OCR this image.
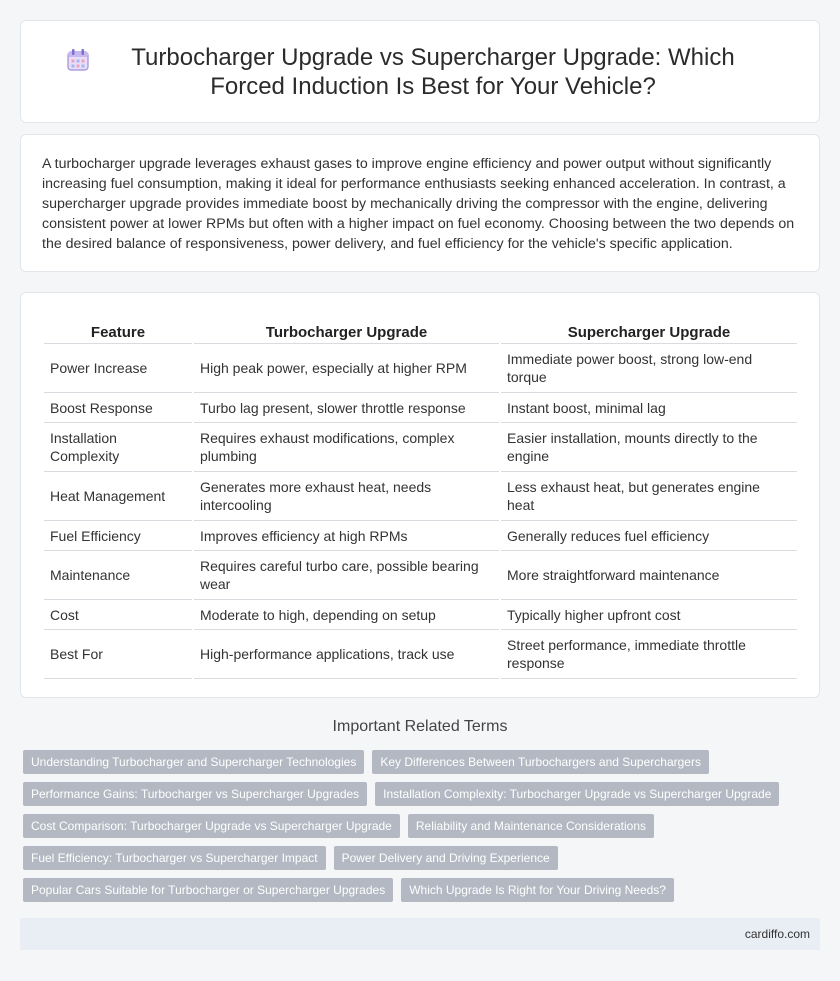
Turbocharger Upgrade vs Supercharger Upgrade: Which Forced Induction Is Best for Your Vehicle?

A turbocharger upgrade leverages exhaust gases to improve engine efficiency and power output without significantly increasing fuel consumption, making it ideal for performance enthusiasts seeking enhanced acceleration. In contrast, a supercharger upgrade provides immediate boost by mechanically driving the compressor with the engine, delivering consistent power at lower RPMs but often with a higher impact on fuel economy. Choosing between the two depends on the desired balance of responsiveness, power delivery, and fuel efficiency for the vehicle's specific application.

Feature	Turbocharger Upgrade	Supercharger Upgrade
Power Increase	High peak power, especially at higher RPM	Immediate power boost, strong low-end torque
Boost Response	Turbo lag present, slower throttle response	Instant boost, minimal lag
Installation Complexity	Requires exhaust modifications, complex plumbing	Easier installation, mounts directly to the engine
Heat Management	Generates more exhaust heat, needs intercooling	Less exhaust heat, but generates engine heat
Fuel Efficiency	Improves efficiency at high RPMs	Generally reduces fuel efficiency
Maintenance	Requires careful turbo care, possible bearing wear	More straightforward maintenance
Cost	Moderate to high, depending on setup	Typically higher upfront cost
Best For	High-performance applications, track use	Street performance, immediate throttle response
Important Related Terms
Understanding Turbocharger and Supercharger Technologies	Key Differences Between Turbochargers and Superchargers
Performance Gains: Turbocharger vs Supercharger Upgrades	Installation Complexity: Turbocharger Upgrade vs Supercharger Upgrade
Cost Comparison: Turbocharger Upgrade vs Supercharger Upgrade	Reliability and Maintenance Considerations
Fuel Efficiency: Turbocharger vs Supercharger Impact	Power Delivery and Driving Experience
Popular Cars Suitable for Turbocharger or Supercharger Upgrades	Which Upgrade Is Right for Your Driving Needs?
cardiffo.com
